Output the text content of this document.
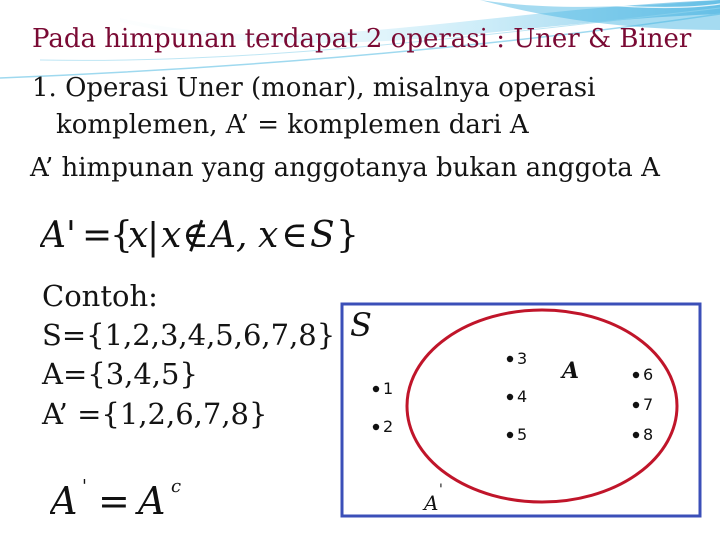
Pada himpunan terdapat 2 operasi : Uner & Biner
1. Operasi Uner (monar), misalnya operasi
komplemen, A’ = komplemen dari A
A’ himpunan yang anggotanya bukan anggota A
A' =
{
x
| x ∉ A, x ∈ S }
Contoh:
S={1,2,3,4,5,6,7,8}
A={3,4,5}
A’ ={1,2,6,7,8}
A ' = A c
S
A
A
'
1
2
3
4
5
6
7
8
